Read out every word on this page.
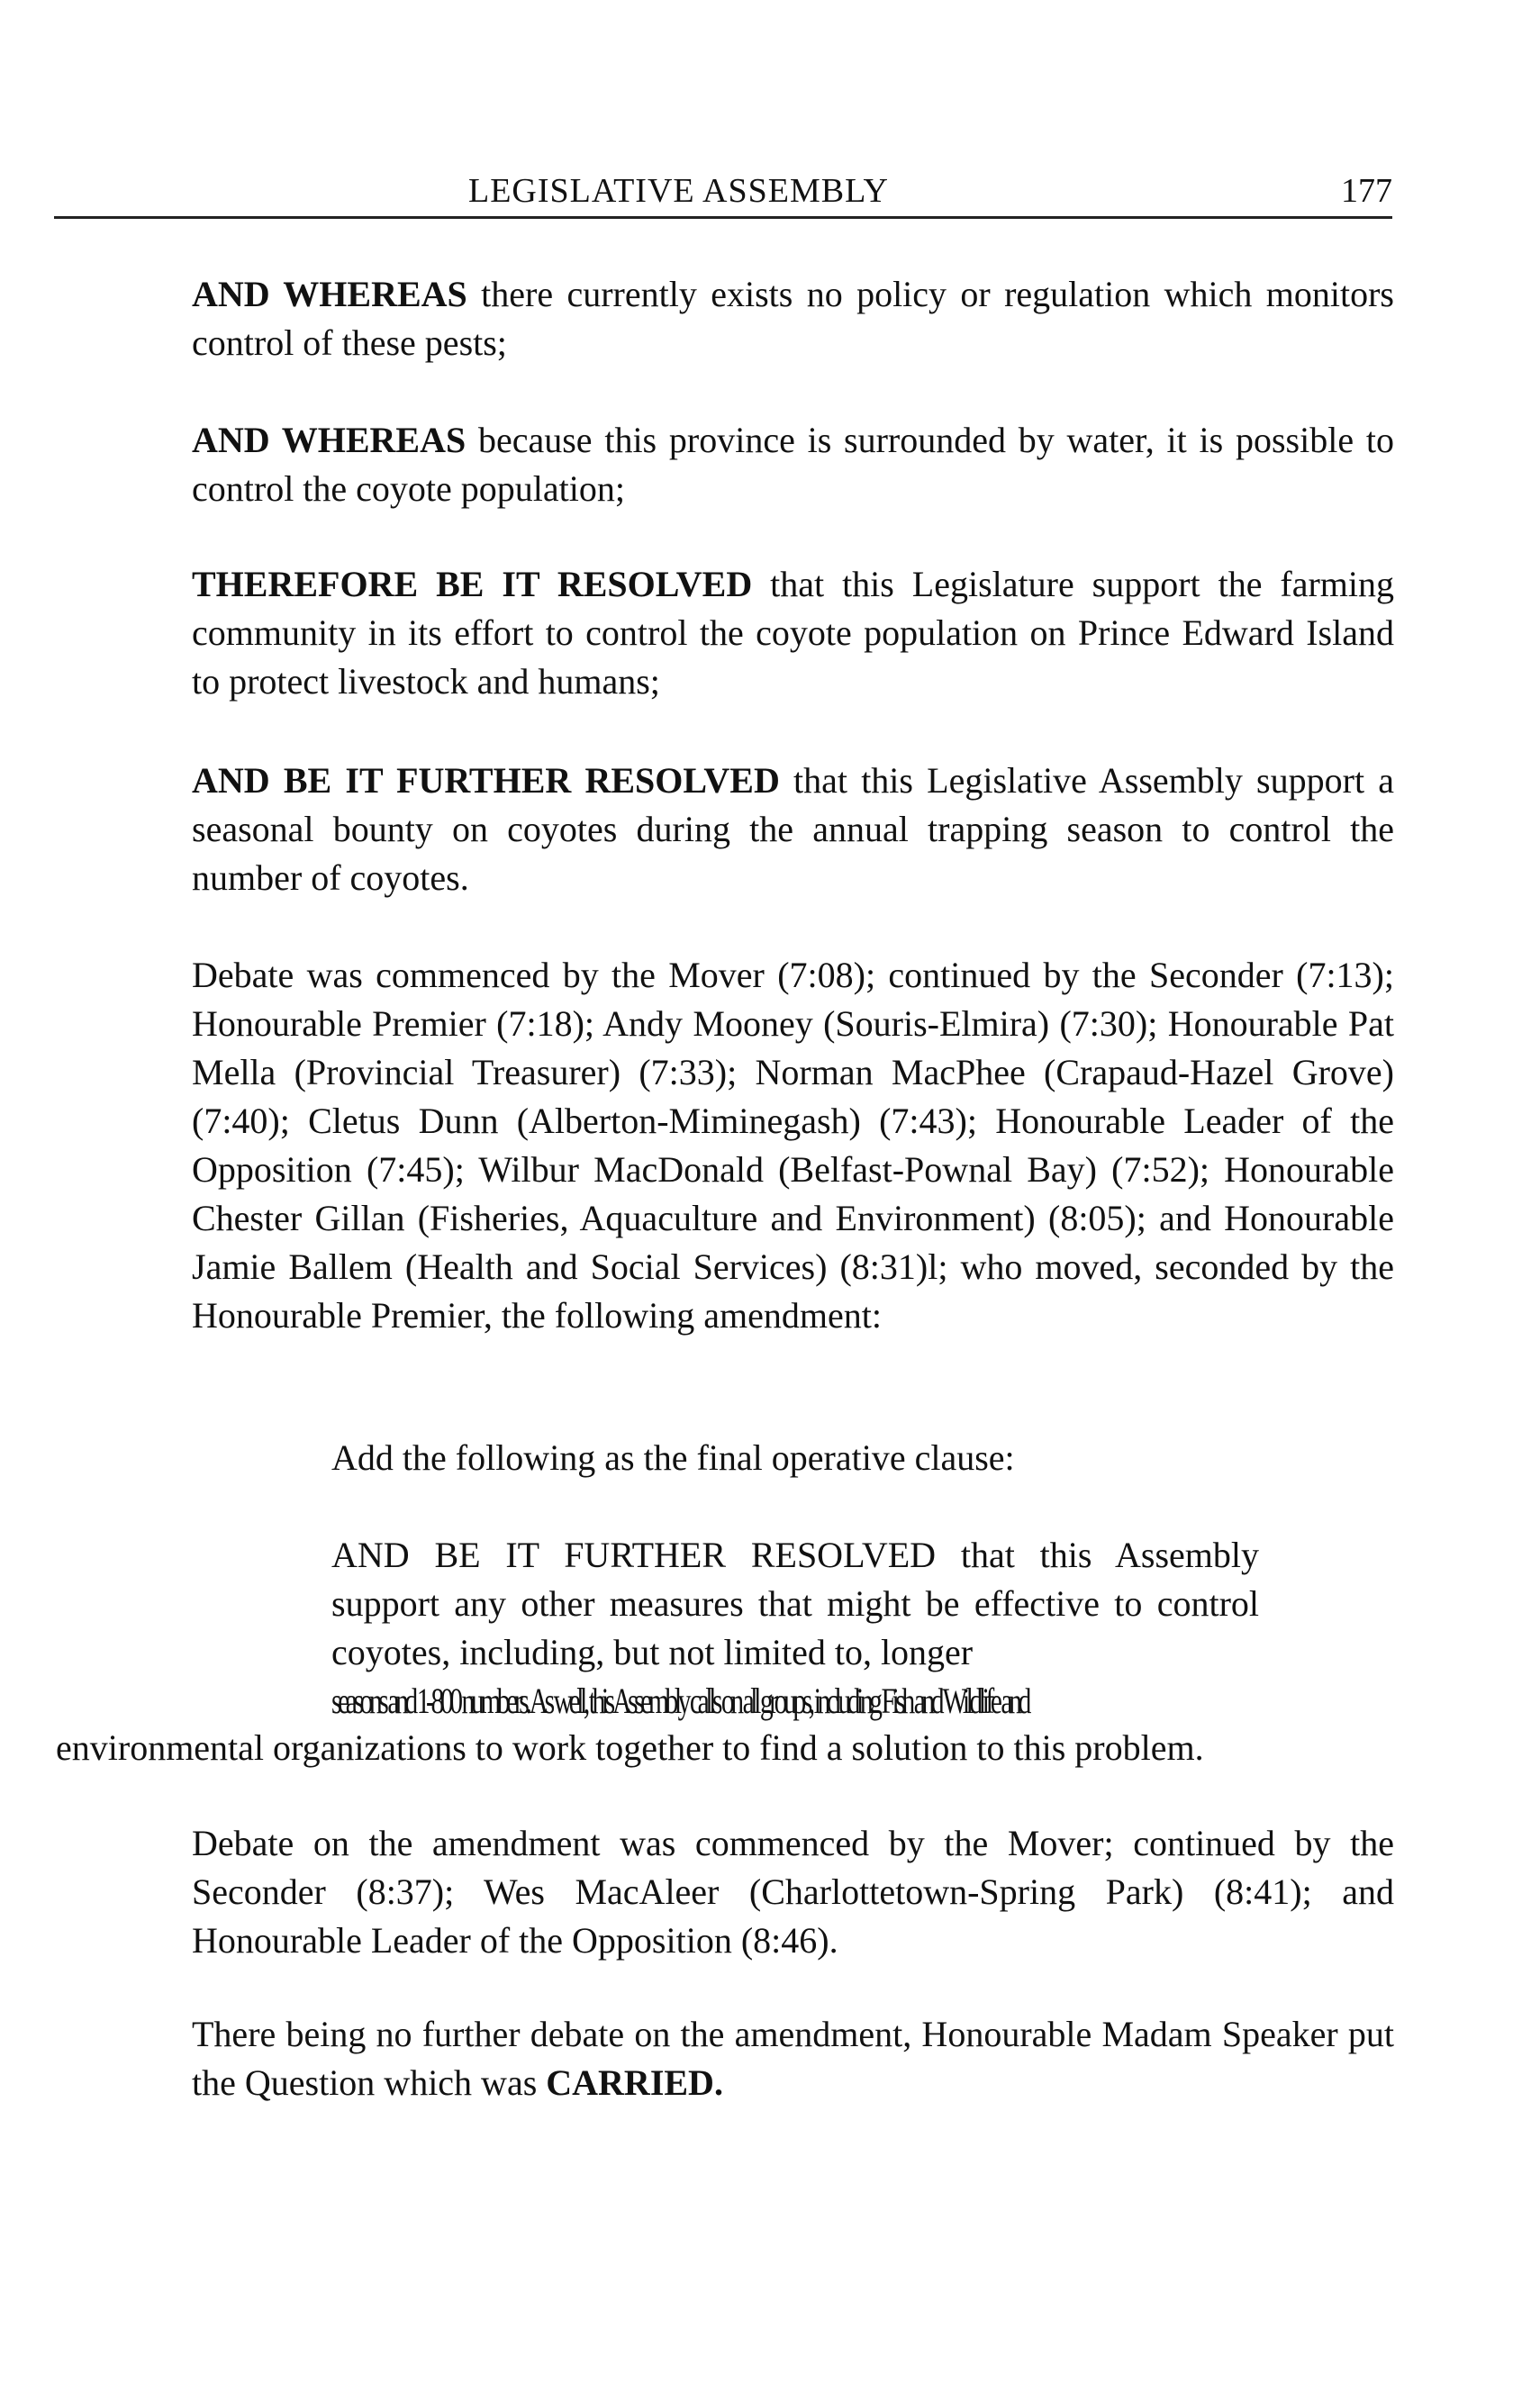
LEGISLATIVE ASSEMBLY	177
AND WHEREAS there currently exists no policy or regulation which monitors control of these pests;
AND WHEREAS because this province is surrounded by water, it is possible to control the coyote population;
THEREFORE BE IT RESOLVED that this Legislature support the farming community in its effort to control the coyote population on Prince Edward Island to protect livestock and humans;
AND BE IT FURTHER RESOLVED that this Legislative Assembly support a seasonal bounty on coyotes during the annual trapping season to control the number of coyotes.
Debate was commenced by the Mover (7:08); continued by the Seconder (7:13); Honourable Premier (7:18); Andy Mooney (Souris-Elmira) (7:30); Honourable Pat Mella (Provincial Treasurer) (7:33); Norman MacPhee (Crapaud-Hazel Grove) (7:40); Cletus Dunn (Alberton-Miminegash) (7:43); Honourable Leader of the Opposition (7:45); Wilbur MacDonald (Belfast-Pownal Bay) (7:52); Honourable Chester Gillan (Fisheries, Aquaculture and Environment) (8:05); and Honourable Jamie Ballem (Health and Social Services) (8:31)l; who moved, seconded by the Honourable Premier, the following amendment:
Add the following as the final operative clause:
AND BE IT FURTHER RESOLVED that this Assembly support any other measures that might be effective to control coyotes, including, but not limited to, longer
seasons and 1-800 numbers. As well, this Assembly calls on all groups, including Fish and Wildlife and
environmental organizations to work together to find a solution to this problem.
Debate on the amendment was commenced by the Mover; continued by the Seconder (8:37); Wes MacAleer (Charlottetown-Spring Park) (8:41); and Honourable Leader of the Opposition (8:46).
There being no further debate on the amendment, Honourable Madam Speaker put the Question which was CARRIED.
